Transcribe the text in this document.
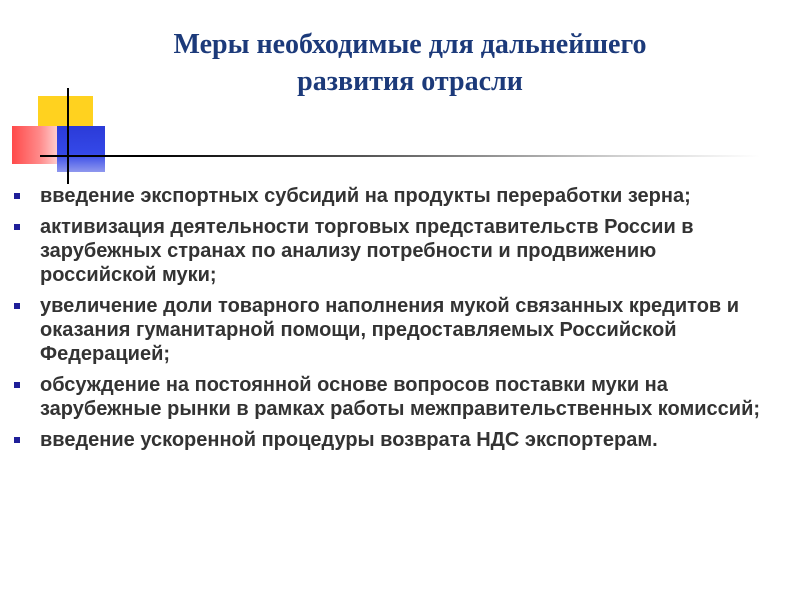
Меры необходимые для дальнейшего
развития отрасли
введение экспортных субсидий на продукты переработки зерна;
активизация деятельности торговых представительств России в зарубежных странах по анализу потребности и продвижению российской муки;
увеличение доли товарного наполнения мукой связанных кредитов и оказания гуманитарной помощи, предоставляемых Российской Федерацией;
обсуждение на постоянной основе вопросов поставки муки на зарубежные рынки в рамках работы межправительственных комиссий;
введение ускоренной процедуры возврата НДС экспортерам.
